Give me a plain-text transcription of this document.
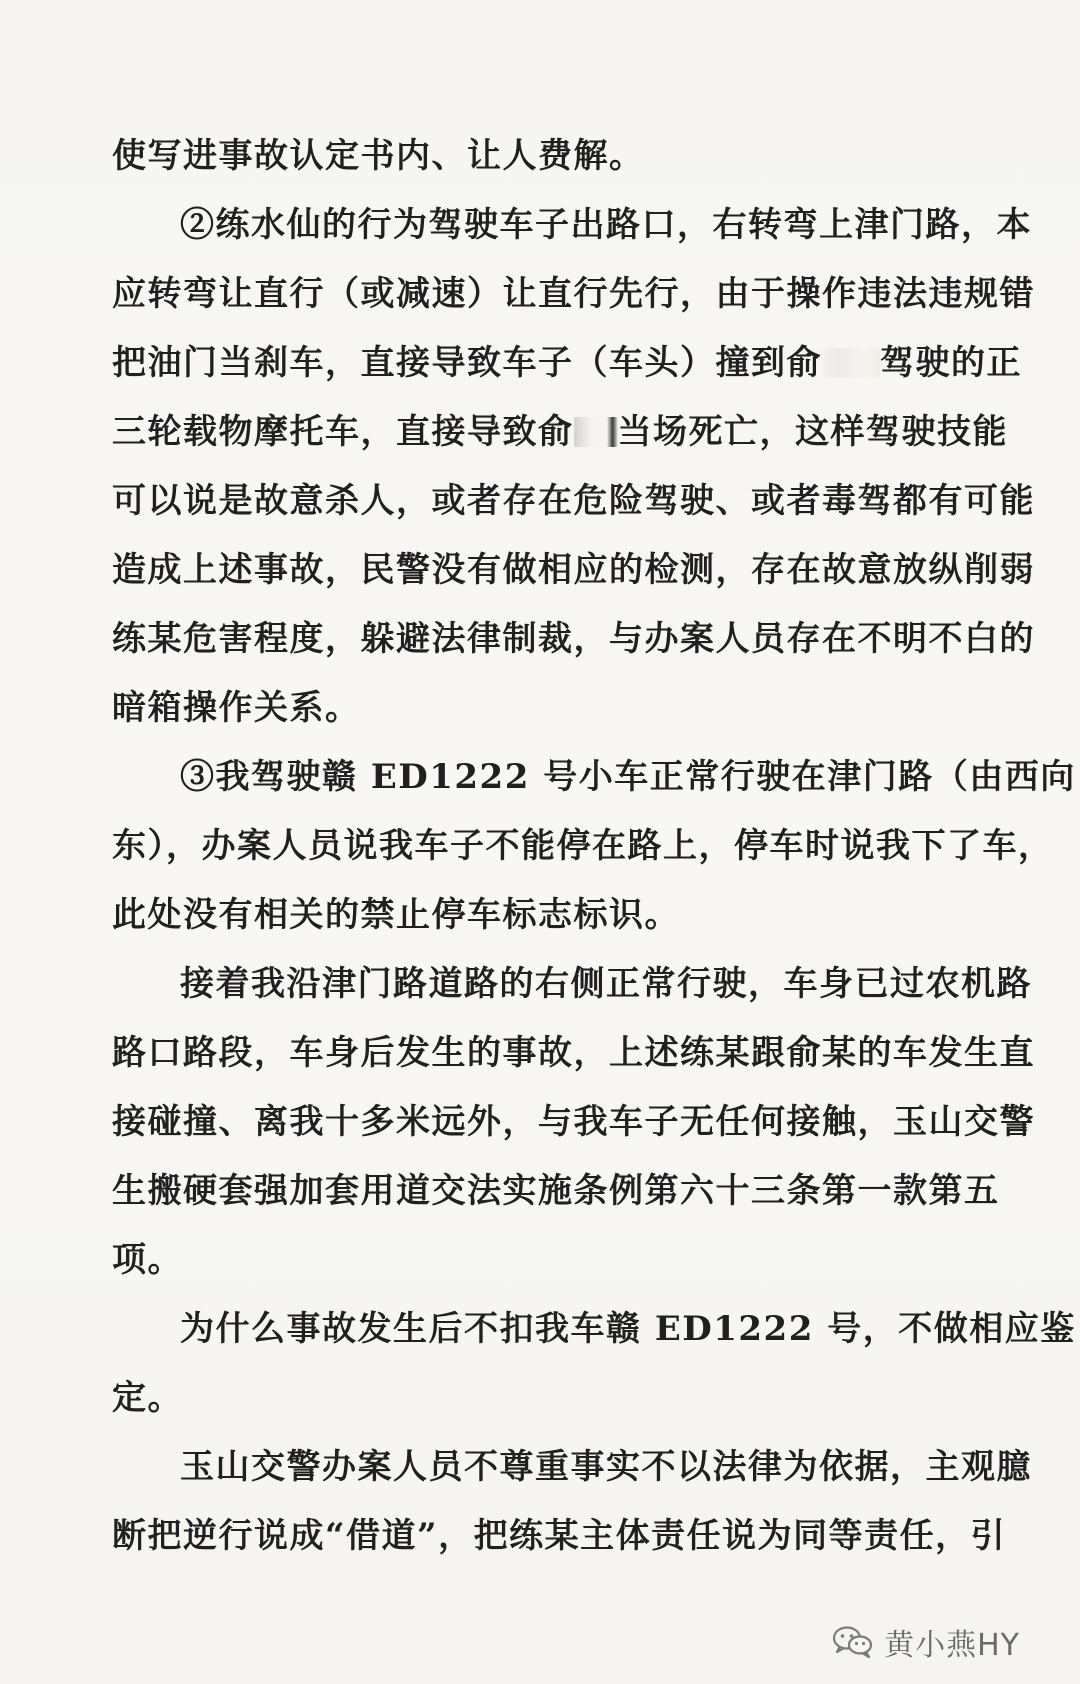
使写进事故认定书内、让人费解。
②练水仙的行为驾驶车子出路口，右转弯上津门路，本
应转弯让直行（或减速）让直行先行，由于操作违法违规错
把油门当刹车，直接导致车子（车头）撞到俞 驾驶的正
三轮载物摩托车，直接导致俞 当场死亡，这样驾驶技能
可以说是故意杀人，或者存在危险驾驶、或者毒驾都有可能
造成上述事故，民警没有做相应的检测，存在故意放纵削弱
练某危害程度，躲避法律制裁，与办案人员存在不明不白的
暗箱操作关系。
③我驾驶赣 ED1222 号小车正常行驶在津门路（由西向
东），办案人员说我车子不能停在路上，停车时说我下了车，
此处没有相关的禁止停车标志标识。
接着我沿津门路道路的右侧正常行驶，车身已过农机路
路口路段，车身后发生的事故，上述练某跟俞某的车发生直
接碰撞、离我十多米远外，与我车子无任何接触，玉山交警
生搬硬套强加套用道交法实施条例第六十三条第一款第五
项。
为什么事故发生后不扣我车赣 ED1222 号，不做相应鉴
定。
玉山交警办案人员不尊重事实不以法律为依据，主观臆
断把逆行说成“借道”，把练某主体责任说为同等责任，引
黄小燕HY
